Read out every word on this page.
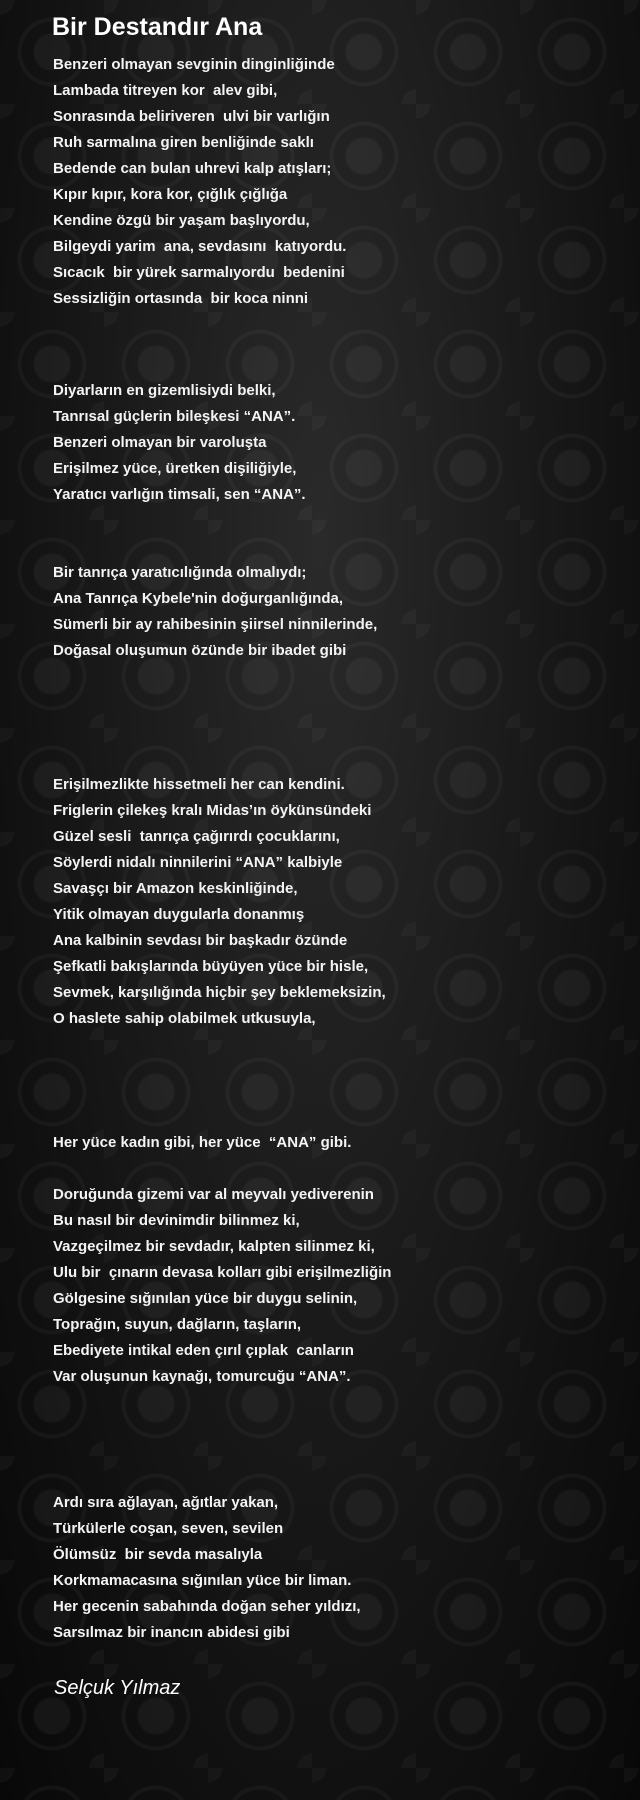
Bir Destandır Ana
Benzeri olmayan sevginin dinginliğinde
Lambada titreyen kor  alev gibi,
Sonrasında beliriveren  ulvi bir varlığın
Ruh sarmalına giren benliğinde saklı
Bedende can bulan uhrevi kalp atışları;
Kıpır kıpır, kora kor, çığlık çığlığa
Kendine özgü bir yaşam başlıyordu,
Bilgeydi yarim  ana, sevdasını  katıyordu.
Sıcacık  bir yürek sarmalıyordu  bedenini
Sessizliğin ortasında  bir koca ninni
Diyarların en gizemlisiydi belki,
Tanrısal güçlerin bileşkesi “ANA”.
Benzeri olmayan bir varoluşta
Erişilmez yüce, üretken dişiliğiyle,
Yaratıcı varlığın timsali, sen “ANA”.
Bir tanrıça yaratıcılığında olmalıydı;
Ana Tanrıça Kybele'nin doğurganlığında,
Sümerli bir ay rahibesinin şiirsel ninnilerinde,
Doğasal oluşumun özünde bir ibadet gibi
Erişilmezlikte hissetmeli her can kendini.
Friglerin çilekeş kralı Midas’ın öykünsündeki
Güzel sesli  tanrıça çağırırdı çocuklarını,
Söylerdi nidalı ninnilerini “ANA” kalbiyle
Savaşçı bir Amazon keskinliğinde,
Yitik olmayan duygularla donanmış
Ana kalbinin sevdası bir başkadır özünde
Şefkatli bakışlarında büyüyen yüce bir hisle,
Sevmek, karşılığında hiçbir şey beklemeksizin,
O haslete sahip olabilmek utkusuyla,
Her yüce kadın gibi, her yüce  “ANA” gibi.
Doruğunda gizemi var al meyvalı yediverenin
Bu nasıl bir devinimdir bilinmez ki,
Vazgeçilmez bir sevdadır, kalpten silinmez ki,
Ulu bir  çınarın devasa kolları gibi erişilmezliğin
Gölgesine sığınılan yüce bir duygu selinin,
Toprağın, suyun, dağların, taşların,
Ebediyete intikal eden çırıl çıplak  canların
Var oluşunun kaynağı, tomurcuğu “ANA”.
Ardı sıra ağlayan, ağıtlar yakan,
Türkülerle coşan, seven, sevilen
Ölümsüz  bir sevda masalıyla
Korkmamacasına sığınılan yüce bir liman.
Her gecenin sabahında doğan seher yıldızı,
Sarsılmaz bir inancın abidesi gibi

Selçuk Yılmaz
